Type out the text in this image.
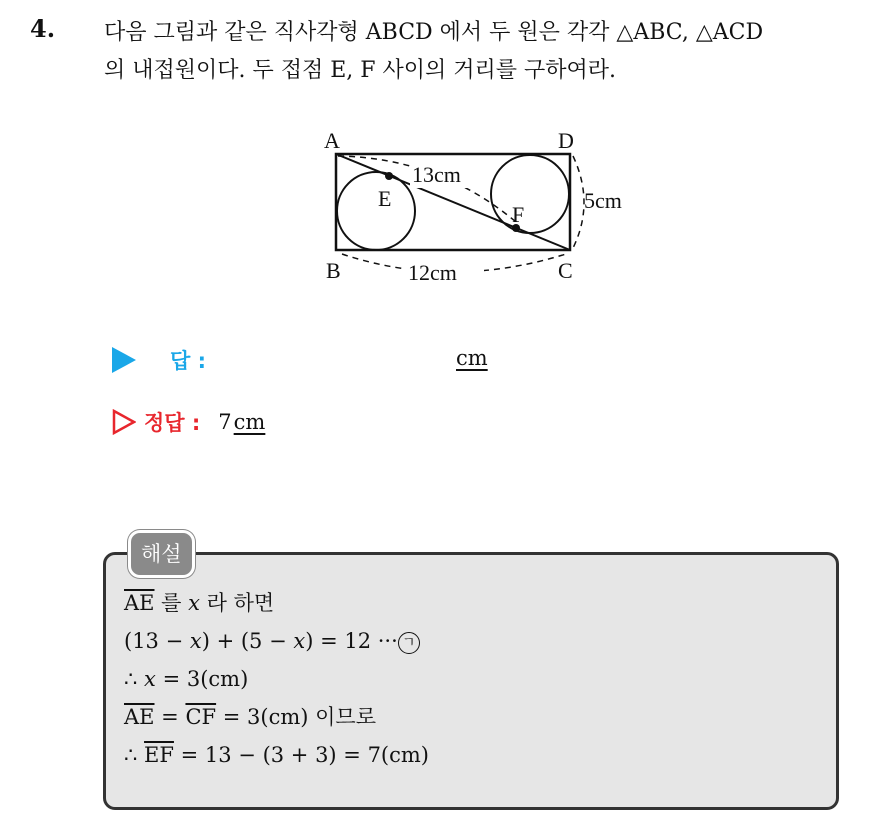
4. 다음 그림과 같은 직사각형 ABCD 에서 두 원은 각각 △ABC, △ACD
의 내접원이다. 두 접점 E, F 사이의 거리를 구하여라.
A	D
B	C
E
F
13cm
5cm
12cm
답 :	cm
정답 : 7cm
해설
$\overline{AE}$ 를 x 라 하면
(13 − x) + (5 − x) = 12 ··· ㄱ
∴ x = 3(cm)
$\overline{AE} = \overline{CF} = 3(cm)$ 이므로
∴ $\overline{EF} = 13 - (3 + 3) = 7(cm)$
